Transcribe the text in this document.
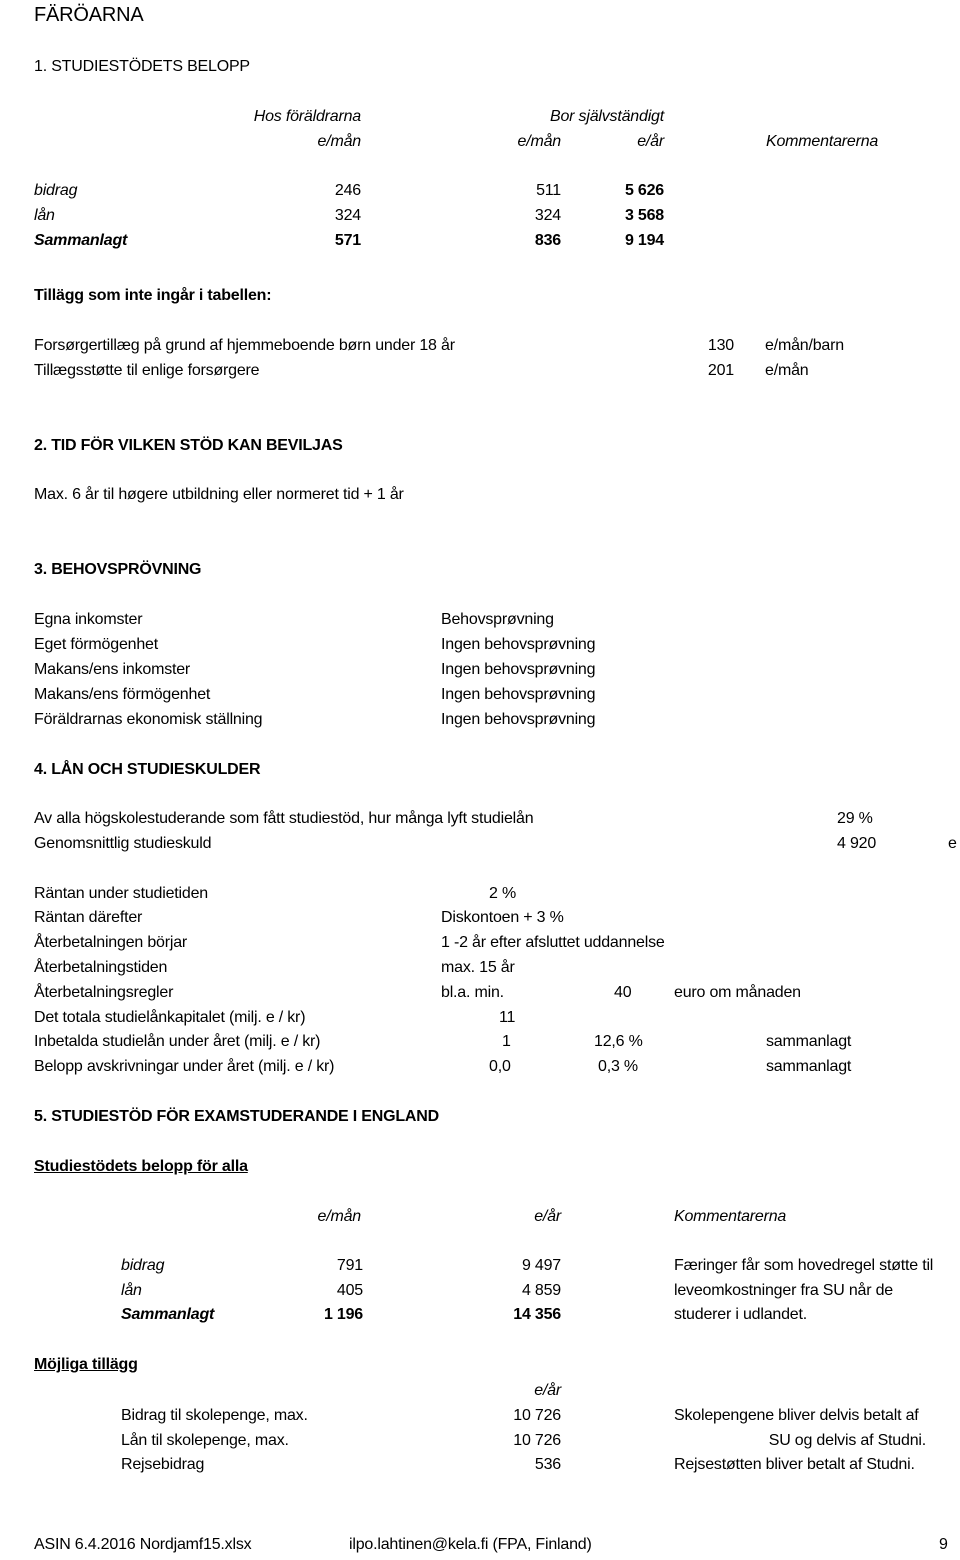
FÄRÖARNA
1. STUDIESTÖDETS BELOPP
Hos föräldrarna	Bor självständigt
e/mån	e/mån	e/år	Kommentarerna
bidrag	246	511	5 626
lån	324	324	3 568
Sammanlagt	571	836	9 194
Tillägg som inte ingår i tabellen:
Forsørgertillæg på grund af hjemmeboende børn under 18 år	130 e/mån/barn
Tillægsstøtte til enlige forsørgere	201 e/mån
2. TID FÖR VILKEN STÖD KAN BEVILJAS
Max. 6 år til høgere utbildning eller normeret tid + 1 år
3. BEHOVSPRÖVNING
Egna inkomster	Behovsprøvning
Eget förmögenhet	Ingen behovsprøvning
Makans/ens inkomster	Ingen behovsprøvning
Makans/ens förmögenhet	Ingen behovsprøvning
Föräldrarnas ekonomisk ställning	Ingen behovsprøvning
4. LÅN OCH STUDIESKULDER
Av alla högskolestuderande som fått studiestöd, hur många lyft studielån	29 %
Genomsnittlig studieskuld	4 920	e
Räntan under studietiden	2 %
Räntan därefter	Diskontoen + 3 %
Återbetalningen börjar	1 -2 år efter afsluttet uddannelse
Återbetalningstiden	max. 15 år
Återbetalningsregler	bl.a. min.	40	euro om månaden
Det totala studielånkapitalet (milj. e / kr)	11
Inbetalda studielån under året (milj. e / kr)	1	12,6 %	sammanlagt
Belopp avskrivningar under året (milj. e / kr)	0,0	0,3 %	sammanlagt
5. STUDIESTÖD FÖR EXAMSTUDERANDE I ENGLAND
Studiestödets belopp för alla
e/mån	e/år	Kommentarerna
bidrag	791	9 497	Færinger får som hovedregel støtte til
lån	405	4 859	leveomkostninger fra SU når de
Sammanlagt	1 196	14 356	studerer i udlandet.
Möjliga tillägg
e/år
Bidrag til skolepenge, max.	10 726	Skolepengene bliver delvis betalt af
Lån til skolepenge, max.	10 726	SU og delvis af Studni.
Rejsebidrag	536	Rejsestøtten bliver betalt af Studni.
ASIN 6.4.2016 Nordjamf15.xlsx	ilpo.lahtinen@kela.fi (FPA, Finland)	9
